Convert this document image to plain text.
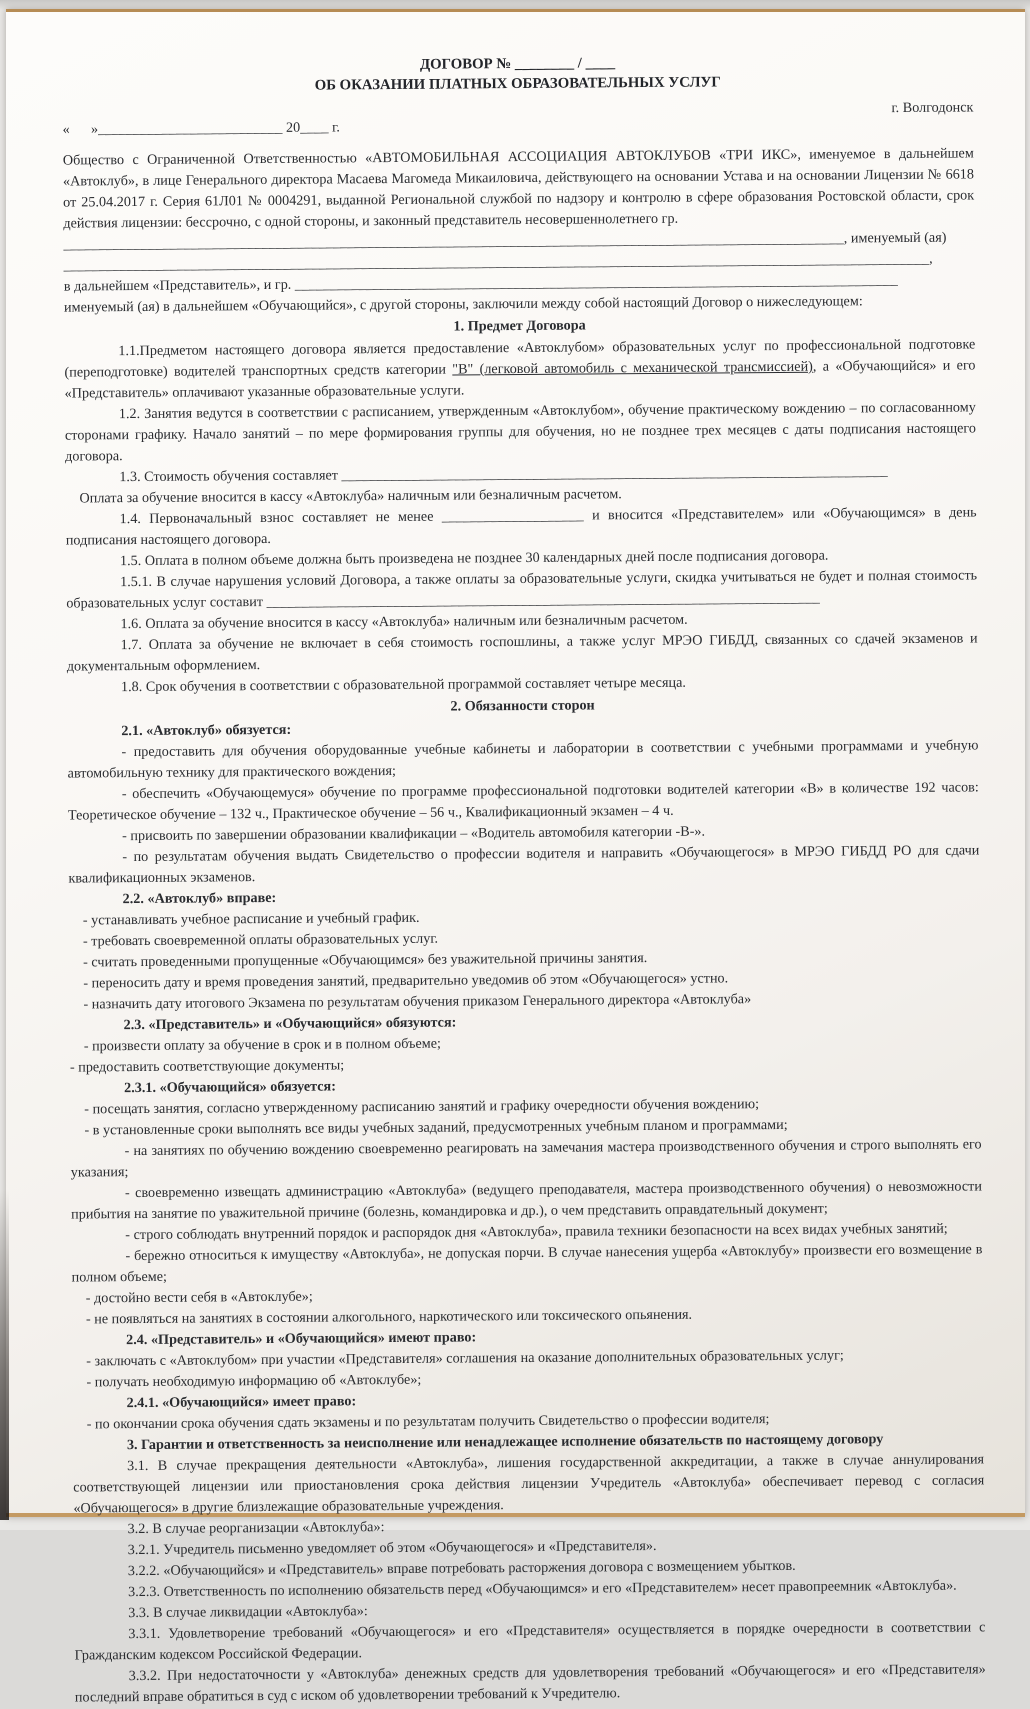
ДОГОВОР № ________ / ____
ОБ ОКАЗАНИИ ПЛАТНЫХ ОБРАЗОВАТЕЛЬНЫХ УСЛУГ
«      »__________________________ 20____ г.
г. Волгодонск

Общество с Ограниченной Ответственностью «АВТОМОБИЛЬНАЯ АССОЦИАЦИЯ АВТОКЛУБОВ «ТРИ ИКС», именуемое в дальнейшем «Автоклуб», в лице Генерального директора Масаева Магомеда Микаиловича, действующего на основании Устава и на основании Лицензии № 6618 от 25.04.2017 г. Серия 61Л01 № 0004291, выданной Региональной службой по надзору и контролю в сфере образования Ростовской области, срок действия лицензии: бессрочно, с одной стороны, и законный представитель несовершеннолетнего гр.

______________________________________________________________________________________________________________, именуемый (ая)

__________________________________________________________________________________________________________________________,

в дальнейшем «Представитель», и гр. _____________________________________________________________________________________

именуемый (ая) в дальнейшем «Обучающийся», с другой стороны, заключили между собой настоящий Договор о нижеследующем:

1. Предмет Договора

1.1.Предметом настоящего договора является предоставление «Автоклубом» образовательных услуг по профессиональной подготовке (переподготовке) водителей транспортных средств категории "В" (легковой автомобиль с механической трансмиссией), а «Обучающийся» и его «Представитель» оплачивают указанные образовательные услуги.

1.2. Занятия ведутся в соответствии с расписанием, утвержденным «Автоклубом», обучение практическому вождению – по согласованному сторонами графику. Начало занятий – по мере формирования группы для обучения, но не позднее трех месяцев с даты подписания настоящего договора.

1.3. Стоимость обучения составляет _____________________________________________________________________________

Оплата за обучение вносится в кассу «Автоклуба» наличным или безналичным расчетом.

1.4. Первоначальный взнос составляет не менее ____________________ и вносится «Представителем» или «Обучающимся» в день подписания настоящего договора.

1.5. Оплата в полном объеме должна быть произведена не позднее 30 календарных дней после подписания договора.

1.5.1. В случае нарушения условий Договора, а также оплаты за образовательные услуги, скидка учитываться не будет и полная стоимость образовательных услуг составит ______________________________________________________________________________

1.6. Оплата за обучение вносится в кассу «Автоклуба» наличным или безналичным расчетом.

1.7. Оплата за обучение не включает в себя стоимость госпошлины, а также услуг МРЭО ГИБДД, связанных со сдачей экзаменов и документальным оформлением.

1.8. Срок обучения в соответствии с образовательной программой составляет четыре месяца.

2. Обязанности сторон

2.1. «Автоклуб» обязуется:

- предоставить для обучения оборудованные учебные кабинеты и лаборатории в соответствии с учебными программами и учебную автомобильную технику для практического вождения;

- обеспечить «Обучающемуся» обучение по программе профессиональной подготовки водителей категории «В» в количестве 192 часов: Теоретическое обучение – 132 ч., Практическое обучение – 56 ч., Квалификационный экзамен – 4 ч.

- присвоить по завершении образовании квалификации – «Водитель автомобиля категории -В-».

- по результатам обучения выдать Свидетельство о профессии водителя и направить «Обучающегося» в МРЭО ГИБДД РО для сдачи квалификационных экзаменов.

2.2. «Автоклуб» вправе:

- устанавливать учебное расписание и учебный график.

- требовать своевременной оплаты образовательных услуг.

- считать проведенными пропущенные «Обучающимся» без уважительной причины занятия.

- переносить дату и время проведения занятий, предварительно уведомив об этом «Обучающегося» устно.

- назначить дату итогового Экзамена по результатам обучения приказом Генерального директора «Автоклуба»

2.3. «Представитель» и «Обучающийся» обязуются:

- произвести оплату за обучение в срок и в полном объеме;

- предоставить соответствующие документы;

2.3.1. «Обучающийся» обязуется:

- посещать занятия, согласно утвержденному расписанию занятий и графику очередности обучения вождению;

- в установленные сроки выполнять все виды учебных заданий, предусмотренных учебным планом и программами;

- на занятиях по обучению вождению своевременно реагировать на замечания мастера производственного обучения и строго выполнять его указания;

- своевременно извещать администрацию «Автоклуба» (ведущего преподавателя, мастера производственного обучения) о невозможности прибытия на занятие по уважительной причине (болезнь, командировка и др.), о чем представить оправдательный документ;

- строго соблюдать внутренний порядок и распорядок дня «Автоклуба», правила техники безопасности на всех видах учебных занятий;

- бережно относиться к имуществу «Автоклуба», не допуская порчи. В случае нанесения ущерба «Автоклубу» произвести его возмещение в полном объеме;

- достойно вести себя в «Автоклубе»;

- не появляться на занятиях в состоянии алкогольного, наркотического или токсического опьянения.

2.4. «Представитель» и «Обучающийся» имеют право:

- заключать с «Автоклубом» при участии «Представителя» соглашения на оказание дополнительных образовательных услуг;

- получать необходимую информацию об «Автоклубе»;

2.4.1. «Обучающийся» имеет право:

- по окончании срока обучения сдать экзамены и по результатам получить Свидетельство о профессии водителя;

3. Гарантии и ответственность за неисполнение или ненадлежащее исполнение обязательств по настоящему договору

3.1. В случае прекращения деятельности «Автоклуба», лишения государственной аккредитации, а также в случае аннулирования соответствующей лицензии или приостановления срока действия лицензии Учредитель «Автоклуба» обеспечивает перевод с согласия «Обучающегося» в другие близлежащие образовательные учреждения.

3.2. В случае реорганизации «Автоклуба»:

3.2.1. Учредитель письменно уведомляет об этом «Обучающегося» и «Представителя».

3.2.2. «Обучающийся» и «Представитель» вправе потребовать расторжения договора с возмещением убытков.

3.2.3. Ответственность по исполнению обязательств перед «Обучающимся» и его «Представителем» несет правопреемник «Автоклуба».

3.3. В случае ликвидации «Автоклуба»:

3.3.1. Удовлетворение требований «Обучающегося» и его «Представителя» осуществляется в порядке очередности в соответствии с Гражданским кодексом Российской Федерации.

3.3.2. При недостаточности у «Автоклуба» денежных средств для удовлетворения требований «Обучающегося» и его «Представителя» последний вправе обратиться в суд с иском об удовлетворении требований к Учредителю.
